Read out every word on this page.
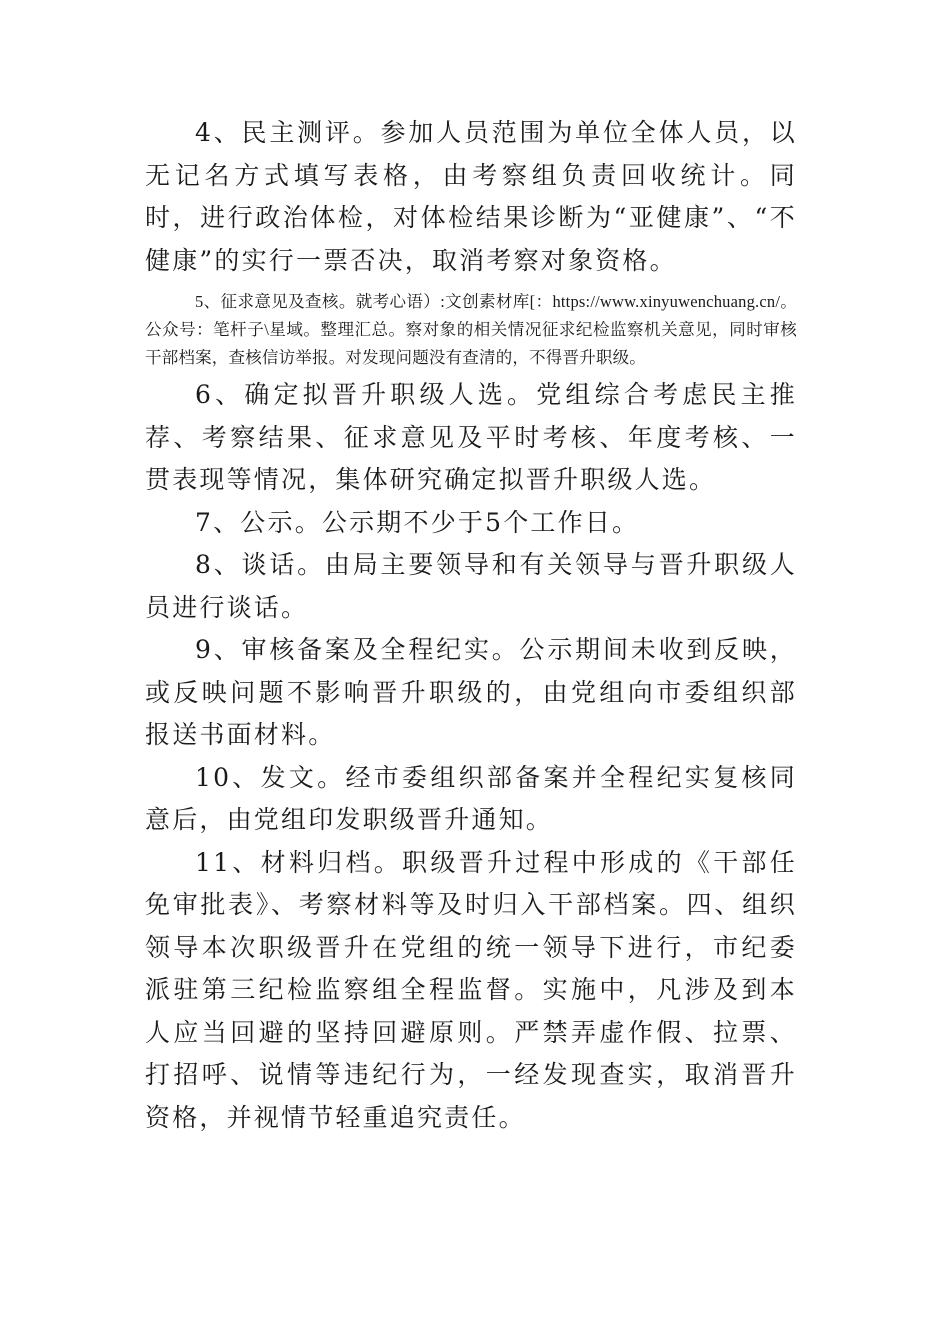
4、民主测评。参加人员范围为单位全体人员，以无记名方式填写表格，由考察组负责回收统计。同时，进行政治体检，对体检结果诊断为“亚健康”、“不健康”的实行一票否决，取消考察对象资格。

5、征求意见及查核。就考心语）:文创素材库[：https://www.xinyuwenchuang.cn/。公众号：笔杆子\星域。整理汇总。察对象的相关情况征求纪检监察机关意见，同时审核干部档案，查核信访举报。对发现问题没有查清的，不得晋升职级。

6、确定拟晋升职级人选。党组综合考虑民主推荐、考察结果、征求意见及平时考核、年度考核、一贯表现等情况，集体研究确定拟晋升职级人选。

7、公示。公示期不少于5个工作日。

8、谈话。由局主要领导和有关领导与晋升职级人员进行谈话。

9、审核备案及全程纪实。公示期间未收到反映，或反映问题不影响晋升职级的，由党组向市委组织部报送书面材料。

10、发文。经市委组织部备案并全程纪实复核同意后，由党组印发职级晋升通知。

11、材料归档。职级晋升过程中形成的《干部任免审批表》、考察材料等及时归入干部档案。四、组织领导本次职级晋升在党组的统一领导下进行，市纪委派驻第三纪检监察组全程监督。实施中，凡涉及到本人应当回避的坚持回避原则。严禁弄虚作假、拉票、打招呼、说情等违纪行为，一经发现查实，取消晋升资格，并视情节轻重追究责任。
